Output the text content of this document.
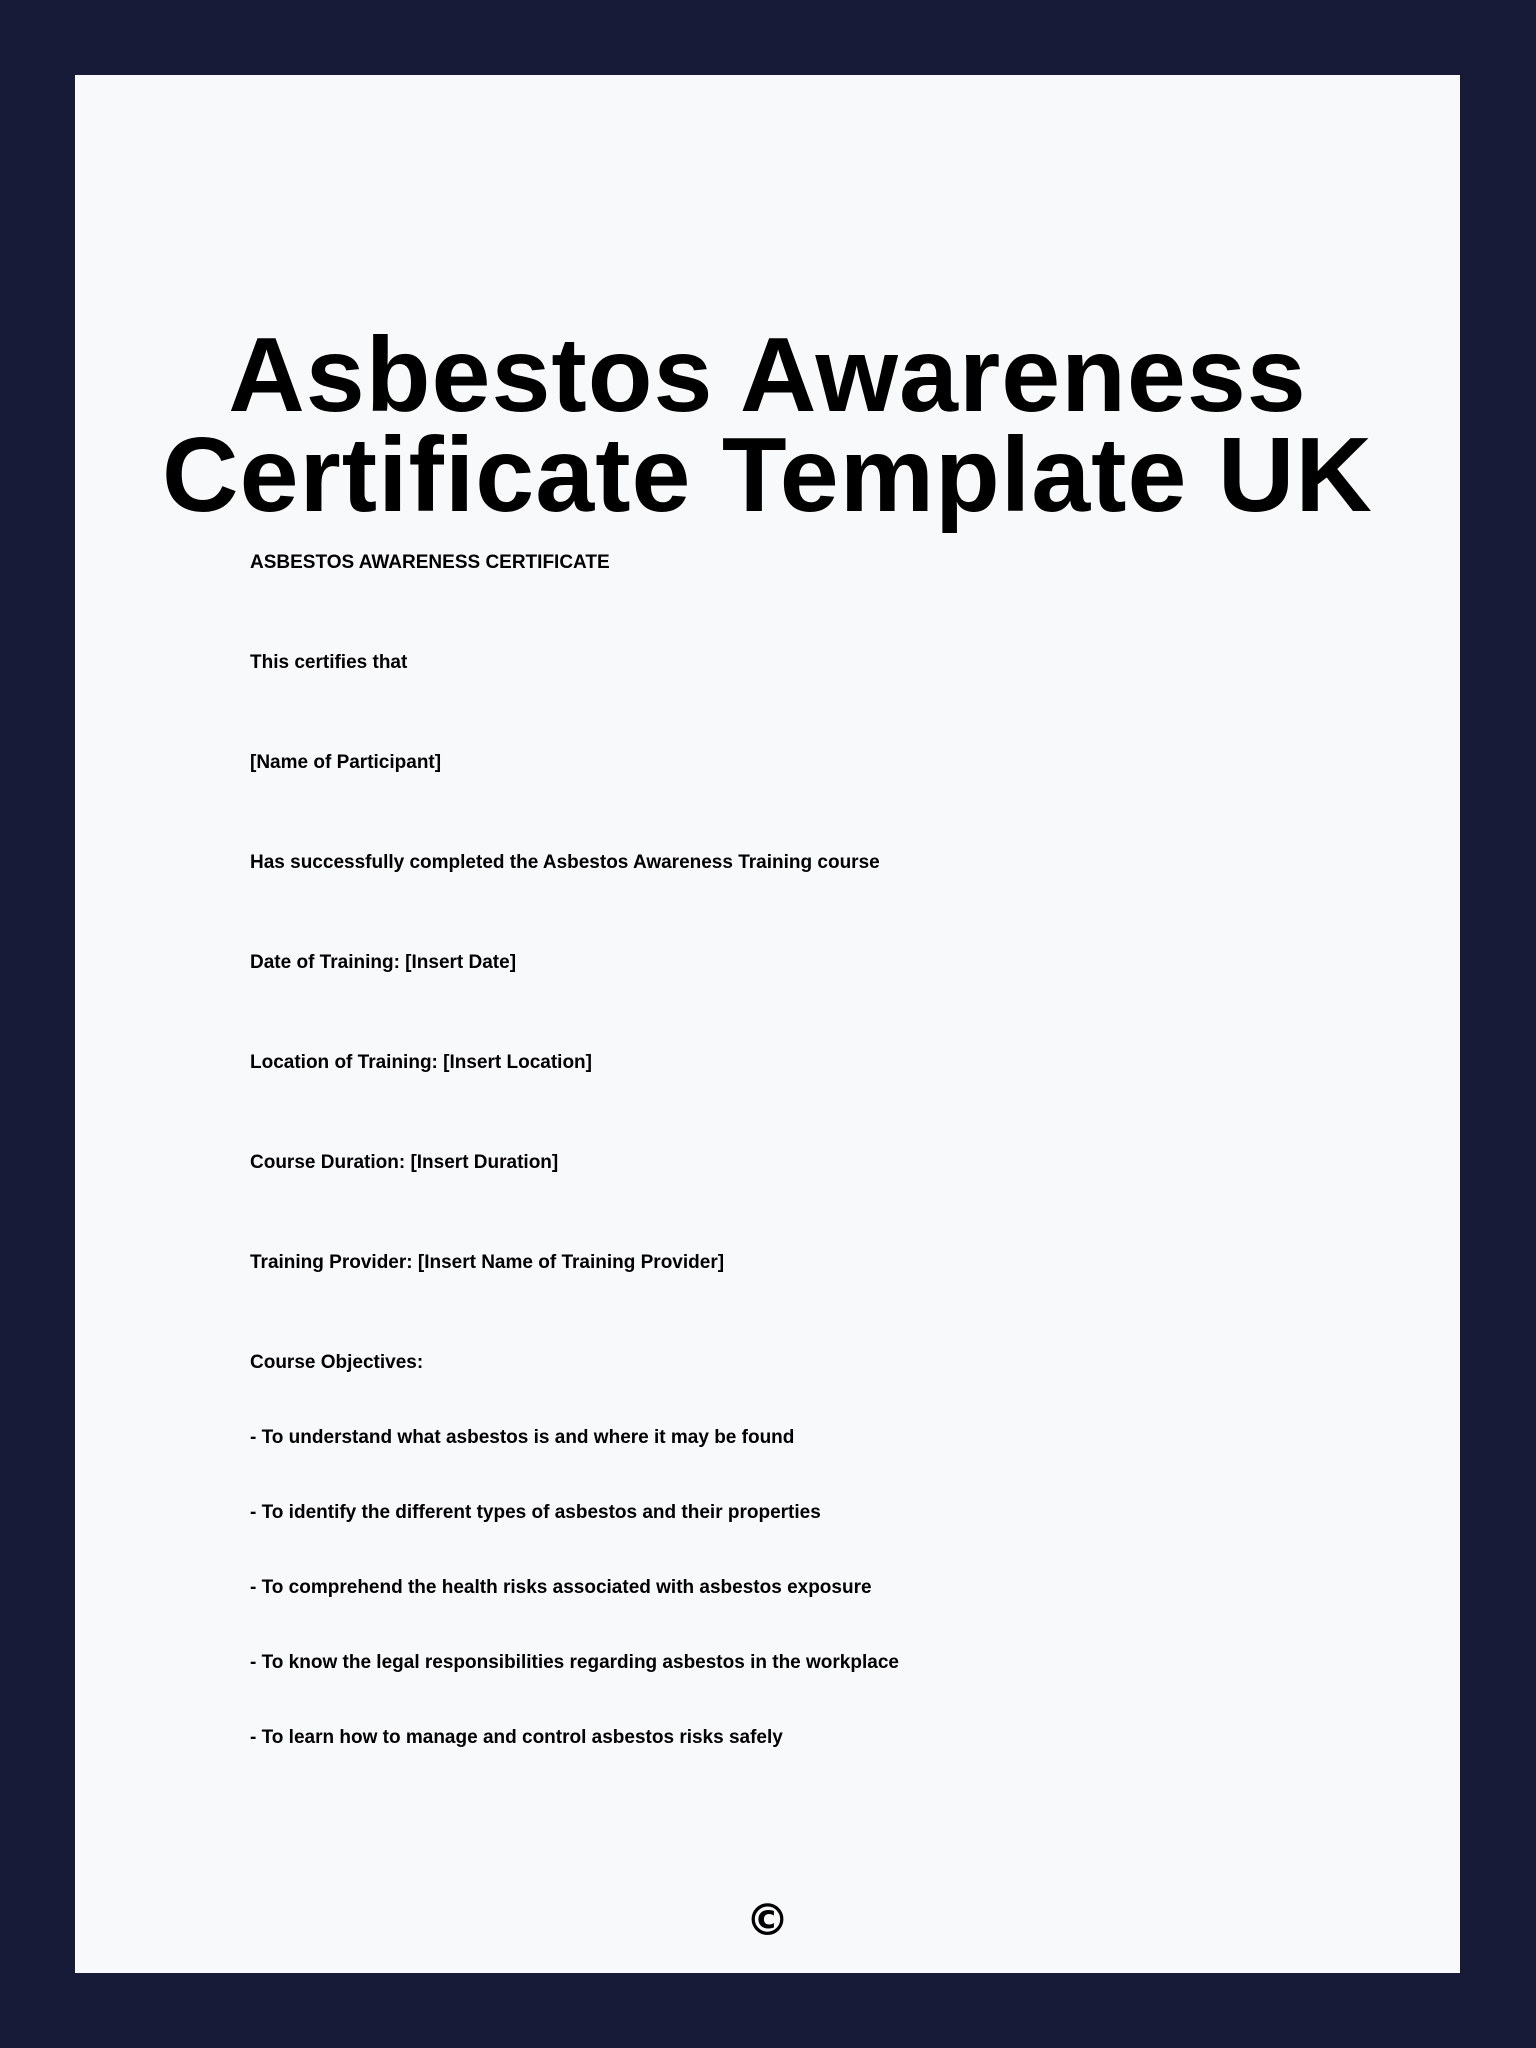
Asbestos Awareness
Certificate Template UK

ASBESTOS AWARENESS CERTIFICATE

This certifies that

[Name of Participant]

Has successfully completed the Asbestos Awareness Training course

Date of Training: [Insert Date]

Location of Training: [Insert Location]

Course Duration: [Insert Duration]

Training Provider: [Insert Name of Training Provider]

Course Objectives:

- To understand what asbestos is and where it may be found

- To identify the different types of asbestos and their properties

- To comprehend the health risks associated with asbestos exposure

- To know the legal responsibilities regarding asbestos in the workplace

- To learn how to manage and control asbestos risks safely

©
